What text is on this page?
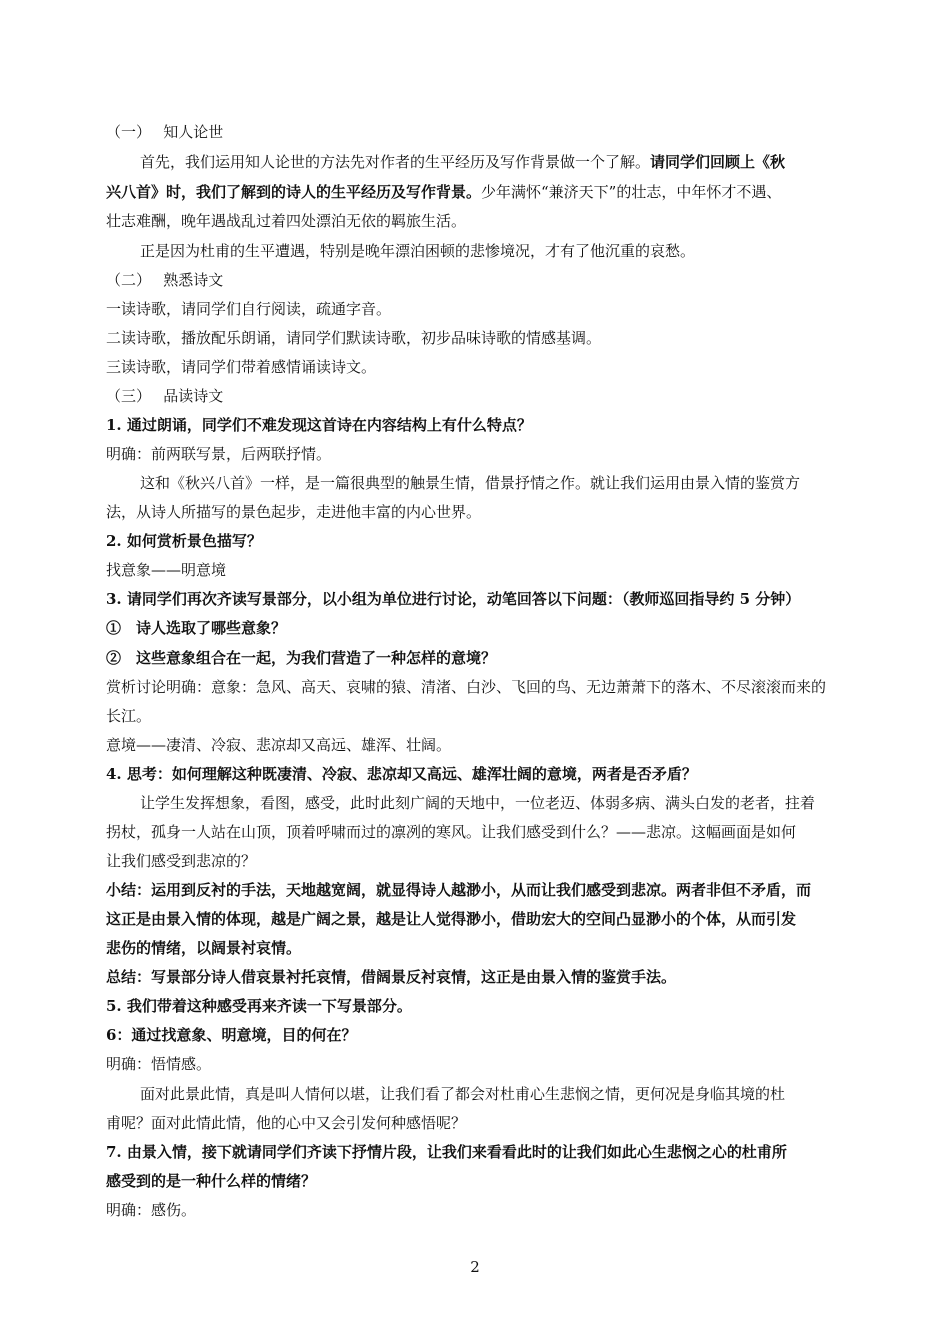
（一）　 知人论世
首先，我们运用知人论世的方法先对作者的生平经历及写作背景做一个了解。请同学们回顾上《秋
兴八首》时，我们了解到的诗人的生平经历及写作背景。少年满怀“兼济天下”的壮志，中年怀才不遇、
壮志难酬，晚年遇战乱过着四处漂泊无依的羁旅生活。
正是因为杜甫的生平遭遇，特别是晚年漂泊困顿的悲惨境况，才有了他沉重的哀愁。
（二）　 熟悉诗文
一读诗歌，请同学们自行阅读，疏通字音。
二读诗歌，播放配乐朗诵，请同学们默读诗歌，初步品味诗歌的情感基调。
三读诗歌，请同学们带着感情诵读诗文。
（三）　 品读诗文
1. 通过朗诵，同学们不难发现这首诗在内容结构上有什么特点？
明确：前两联写景，后两联抒情。
这和《秋兴八首》一样，是一篇很典型的触景生情，借景抒情之作。就让我们运用由景入情的鉴赏方
法，从诗人所描写的景色起步，走进他丰富的内心世界。
2. 如何赏析景色描写？
找意象——明意境
3. 请同学们再次齐读写景部分，以小组为单位进行讨论，动笔回答以下问题：（教师巡回指导约 5 分钟）
①　诗人选取了哪些意象？
②　这些意象组合在一起，为我们营造了一种怎样的意境？
赏析讨论明确：意象：急风、高天、哀啸的猿、清渚、白沙、飞回的鸟、无边萧萧下的落木、不尽滚滚而来的
长江。
意境——凄清、冷寂、悲凉却又高远、雄浑、壮阔。
4. 思考：如何理解这种既凄清、冷寂、悲凉却又高远、雄浑壮阔的意境，两者是否矛盾？
让学生发挥想象，看图，感受，此时此刻广阔的天地中，一位老迈、体弱多病、满头白发的老者，拄着
拐杖，孤身一人站在山顶，顶着呼啸而过的凛冽的寒风。让我们感受到什么？——悲凉。这幅画面是如何
让我们感受到悲凉的？
小结：运用到反衬的手法，天地越宽阔，就显得诗人越渺小，从而让我们感受到悲凉。两者非但不矛盾，而
这正是由景入情的体现，越是广阔之景，越是让人觉得渺小，借助宏大的空间凸显渺小的个体，从而引发
悲伤的情绪，以阔景衬哀情。
总结：写景部分诗人借哀景衬托哀情，借阔景反衬哀情，这正是由景入情的鉴赏手法。
5. 我们带着这种感受再来齐读一下写景部分。
6：通过找意象、明意境，目的何在？
明确：悟情感。
面对此景此情，真是叫人情何以堪，让我们看了都会对杜甫心生悲悯之情，更何况是身临其境的杜
甫呢？面对此情此情，他的心中又会引发何种感悟呢？
7. 由景入情，接下就请同学们齐读下抒情片段，让我们来看看此时的让我们如此心生悲悯之心的杜甫所
感受到的是一种什么样的情绪？
明确：感伤。
2
